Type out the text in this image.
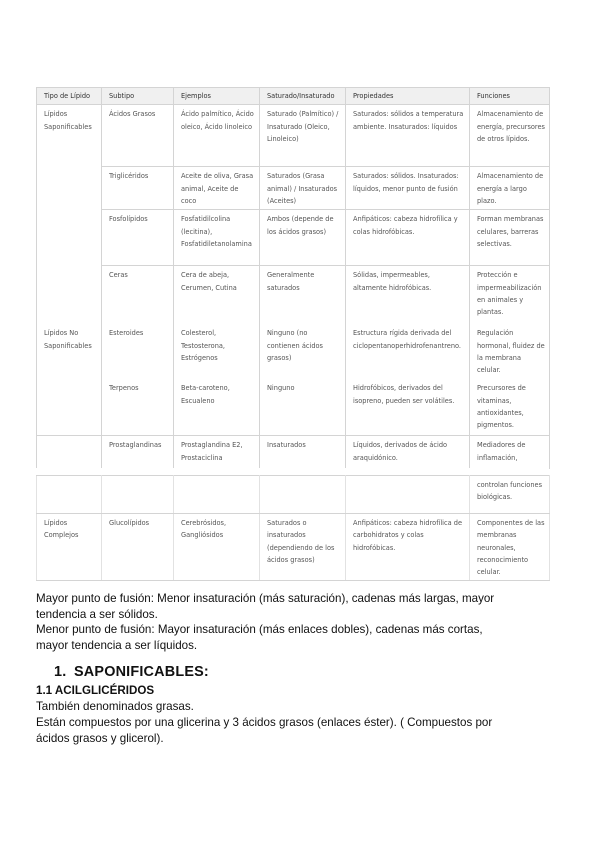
Tipo de Lípido	Subtipo	Ejemplos	Saturado/Insaturado	Propiedades	Funciones
Lípidos Saponificables	Ácidos Grasos	Ácido palmítico, Ácido oleico, Ácido linoleico	Saturado (Palmítico) / Insaturado (Oleico, Linoleico)	Saturados: sólidos a temperatura ambiente. Insaturados: líquidos	Almacenamiento de energía, precursores de otros lípidos.
	Triglicéridos	Aceite de oliva, Grasa animal, Aceite de coco	Saturados (Grasa animal) / Insaturados (Aceites)	Saturados: sólidos. Insaturados: líquidos, menor punto de fusión	Almacenamiento de energía a largo plazo.
	Fosfolípidos	Fosfatidilcolina (lecitina), Fosfatidiletanolamina	Ambos (depende de los ácidos grasos)	Anfipáticos: cabeza hidrofílica y colas hidrofóbicas.	Forman membranas celulares, barreras selectivas.
	Ceras	Cera de abeja, Cerumen, Cutina	Generalmente saturados	Sólidas, impermeables, altamente hidrofóbicas.	Protección e impermeabilización en animales y plantas.
Lípidos No Saponificables	Esteroides	Colesterol, Testosterona, Estrógenos	Ninguno (no contienen ácidos grasos)	Estructura rígida derivada del ciclopentanoperhidrofenantreno.	Regulación hormonal, fluidez de la membrana celular.
	Terpenos	Beta-caroteno, Escualeno	Ninguno	Hidrofóbicos, derivados del isopreno, pueden ser volátiles.	Precursores de vitaminas, antioxidantes, pigmentos.
	Prostaglandinas	Prostaglandina E2, Prostaciclina	Insaturados	Líquidos, derivados de ácido araquidónico.	Mediadores de inflamación,
					controlan funciones biológicas.
Lípidos Complejos	Glucolípidos	Cerebrósidos, Gangliósidos	Saturados o insaturados (dependiendo de los ácidos grasos)	Anfipáticos: cabeza hidrofílica de carbohidratos y colas hidrofóbicas.	Componentes de las membranas neuronales, reconocimiento celular.

Mayor punto de fusión: Menor insaturación (más saturación), cadenas más largas, mayor tendencia a ser sólidos.

Menor punto de fusión: Mayor insaturación (más enlaces dobles), cadenas más cortas, mayor tendencia a ser líquidos.

1. SAPONIFICABLES:

1.1 ACILGLICÉRIDOS

También denominados grasas.

Están compuestos por una glicerina y 3 ácidos grasos (enlaces éster). ( Compuestos por ácidos grasos y glicerol).
